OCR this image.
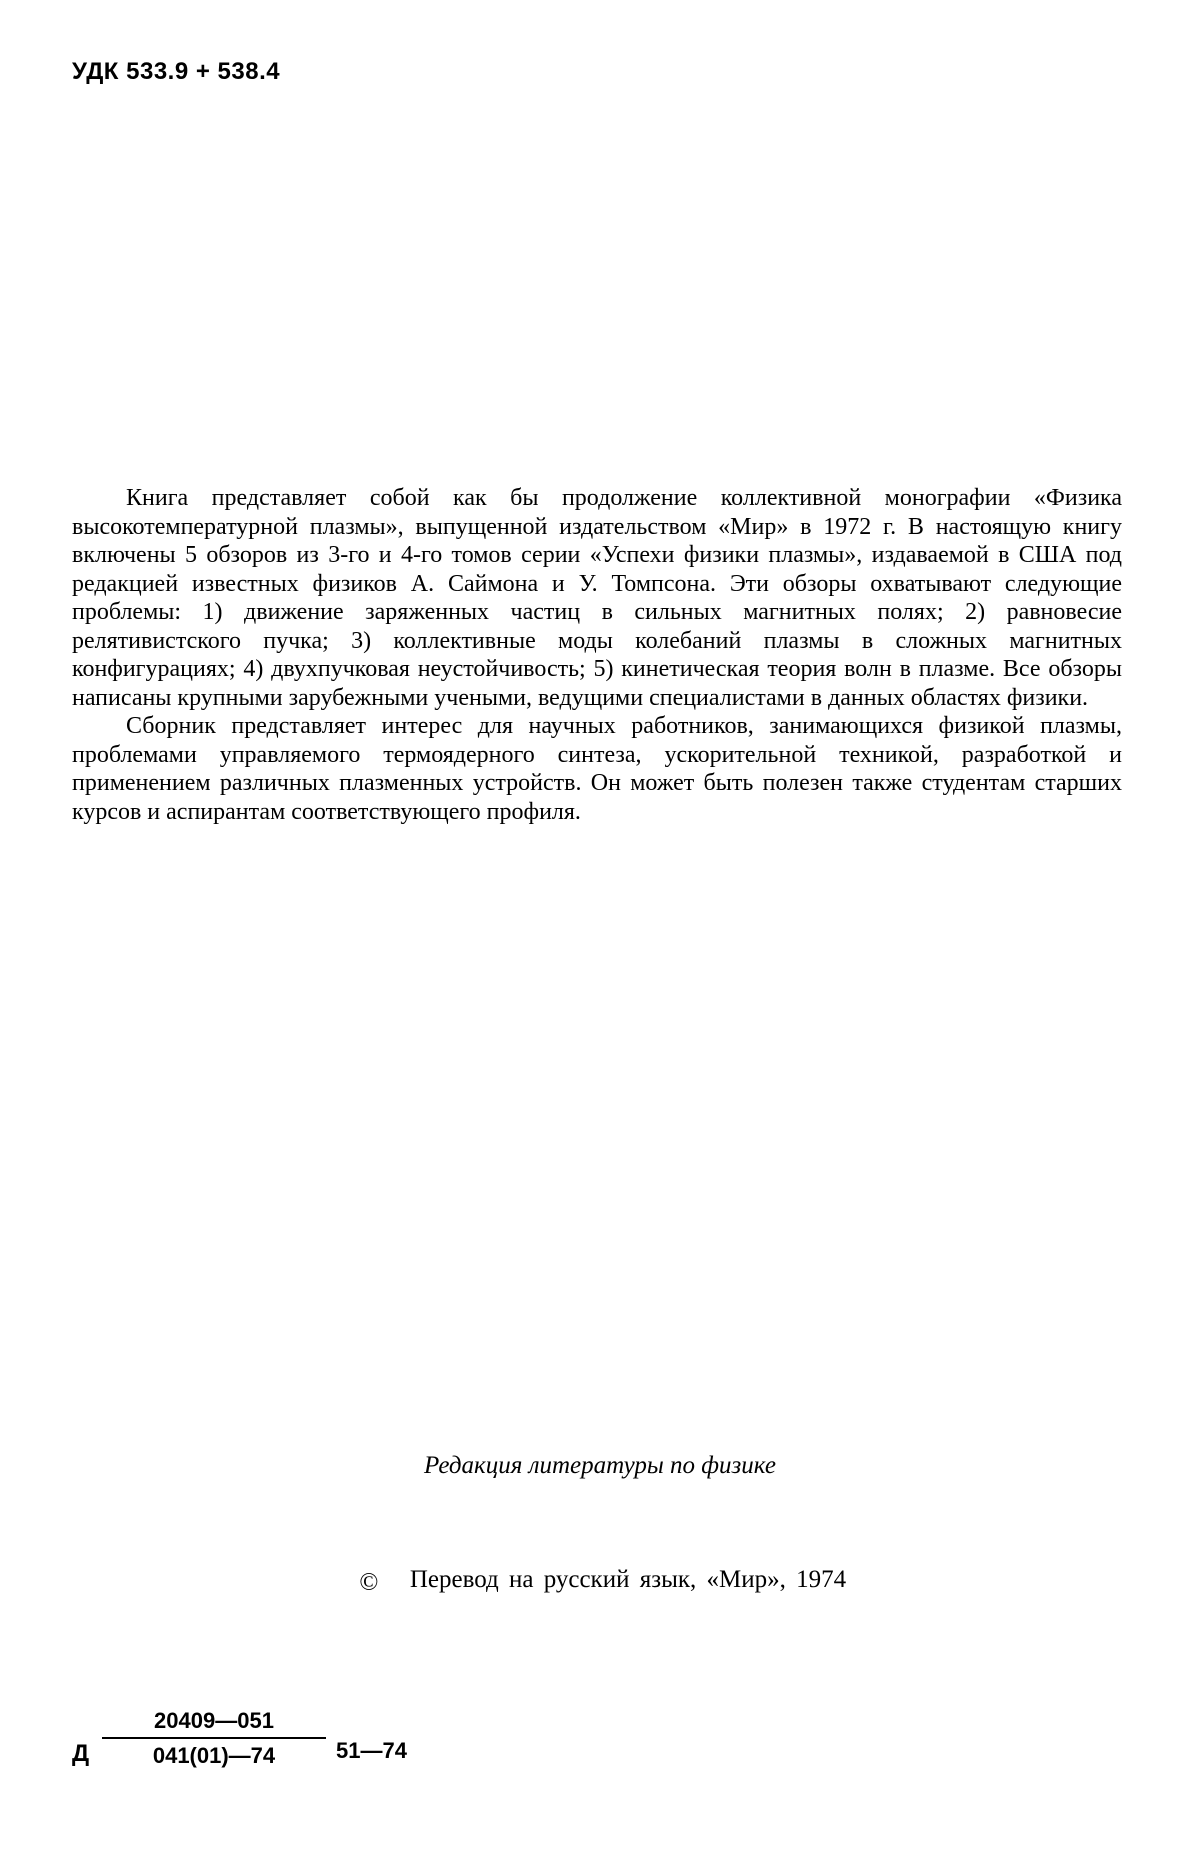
УДК 533.9 + 538.4

Книга представляет собой как бы продолжение коллективной монографии «Физика высокотемпературной плазмы», выпущенной издательством «Мир» в 1972 г. В настоящую книгу включены 5 обзоров из 3-го и 4-го томов серии «Успехи физики плазмы», издаваемой в США под редакцией известных физиков А. Саймона и У. Томпсона. Эти обзоры охватывают следующие проблемы: 1) движение заряженных частиц в сильных магнитных полях; 2) равновесие релятивистского пучка; 3) коллективные моды колебаний плазмы в сложных магнитных конфигурациях; 4) двухпучковая неустойчивость; 5) кинетическая теория волн в плазме. Все обзоры написаны крупными зарубежными учеными, ведущими специалистами в данных областях физики.

Сборник представляет интерес для научных работников, занимающихся физикой плазмы, проблемами управляемого термоядерного синтеза, ускорительной техникой, разработкой и применением различных плазменных устройств. Он может быть полезен также студентам старших курсов и аспирантам соответствующего профиля.

Редакция литературы по физике
© Перевод на русский язык, «Мир», 1974
Д
20409—051
041(01)—74	51—74
